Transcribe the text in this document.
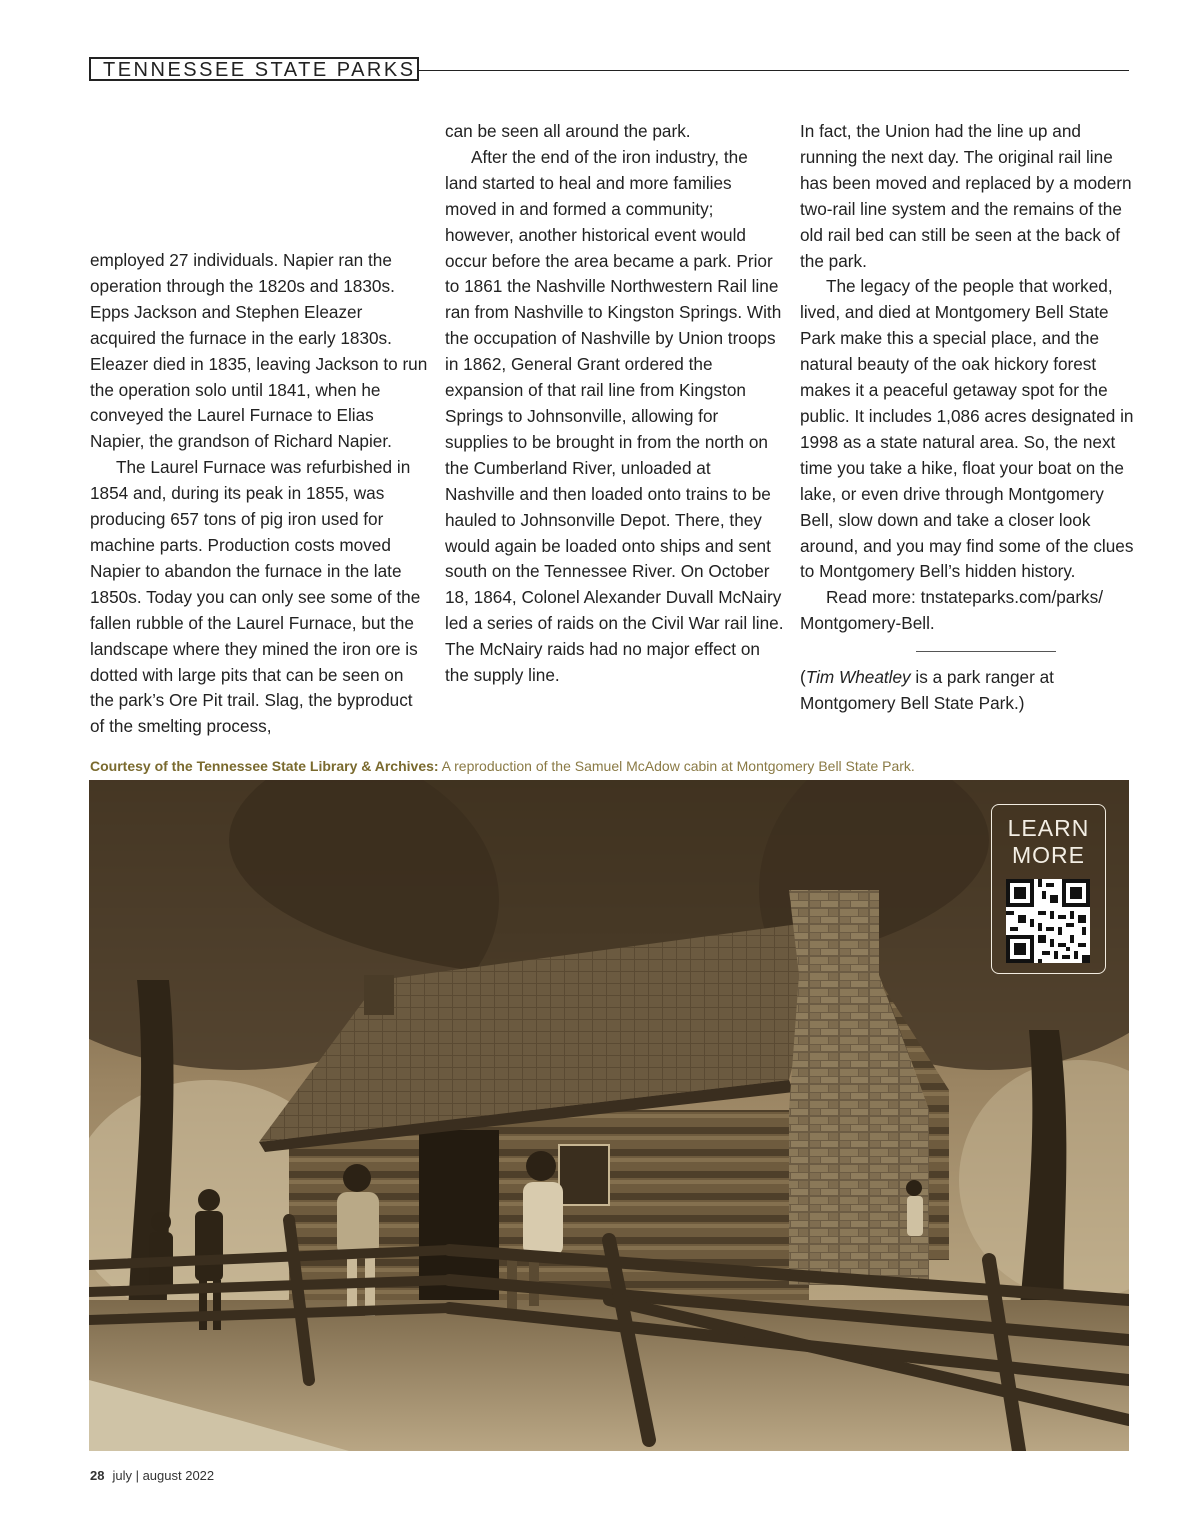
TENNESSEE STATE PARKS

employed 27 individuals. Napier ran the operation through the 1820s and 1830s. Epps Jackson and Stephen Eleazer acquired the furnace in the early 1830s. Eleazer died in 1835, leaving Jackson to run the operation solo until 1841, when he conveyed the Laurel Furnace to Elias Napier, the grandson of Richard Napier.

The Laurel Furnace was refurbished in 1854 and, during its peak in 1855, was producing 657 tons of pig iron used for machine parts. Production costs moved Napier to abandon the furnace in the late 1850s. Today you can only see some of the fallen rubble of the Laurel Furnace, but the landscape where they mined the iron ore is dotted with large pits that can be seen on the park’s Ore Pit trail. Slag, the byproduct of the smelting process,

can be seen all around the park.

After the end of the iron industry, the land started to heal and more families moved in and formed a community; however, another historical event would occur before the area became a park. Prior to 1861 the Nashville Northwestern Rail line ran from Nashville to Kingston Springs. With the occupation of Nashville by Union troops in 1862, General Grant ordered the expansion of that rail line from Kingston Springs to Johnsonville, allowing for supplies to be brought in from the north on the Cumberland River, unloaded at Nashville and then loaded onto trains to be hauled to Johnsonville Depot. There, they would again be loaded onto ships and sent south on the Tennessee River. On October 18, 1864, Colonel Alexander Duvall McNairy led a series of raids on the Civil War rail line. The McNairy raids had no major effect on the supply line.

In fact, the Union had the line up and running the next day. The original rail line has been moved and replaced by a modern two-rail line system and the remains of the old rail bed can still be seen at the back of the park.

The legacy of the people that worked, lived, and died at Montgomery Bell State Park make this a special place, and the natural beauty of the oak hickory forest makes it a peaceful getaway spot for the public. It includes 1,086 acres designated in 1998 as a state natural area. So, the next time you take a hike, float your boat on the lake, or even drive through Montgomery Bell, slow down and take a closer look around, and you may find some of the clues to Montgomery Bell’s hidden history.

Read more: tnstateparks.com/parks/ Montgomery-Bell.

(Tim Wheatley is a park ranger at Montgomery Bell State Park.)

Courtesy of the Tennessee State Library & Archives: A reproduction of the Samuel McAdow cabin at Montgomery Bell State Park.
LEARN
MORE
28 july | august 2022
